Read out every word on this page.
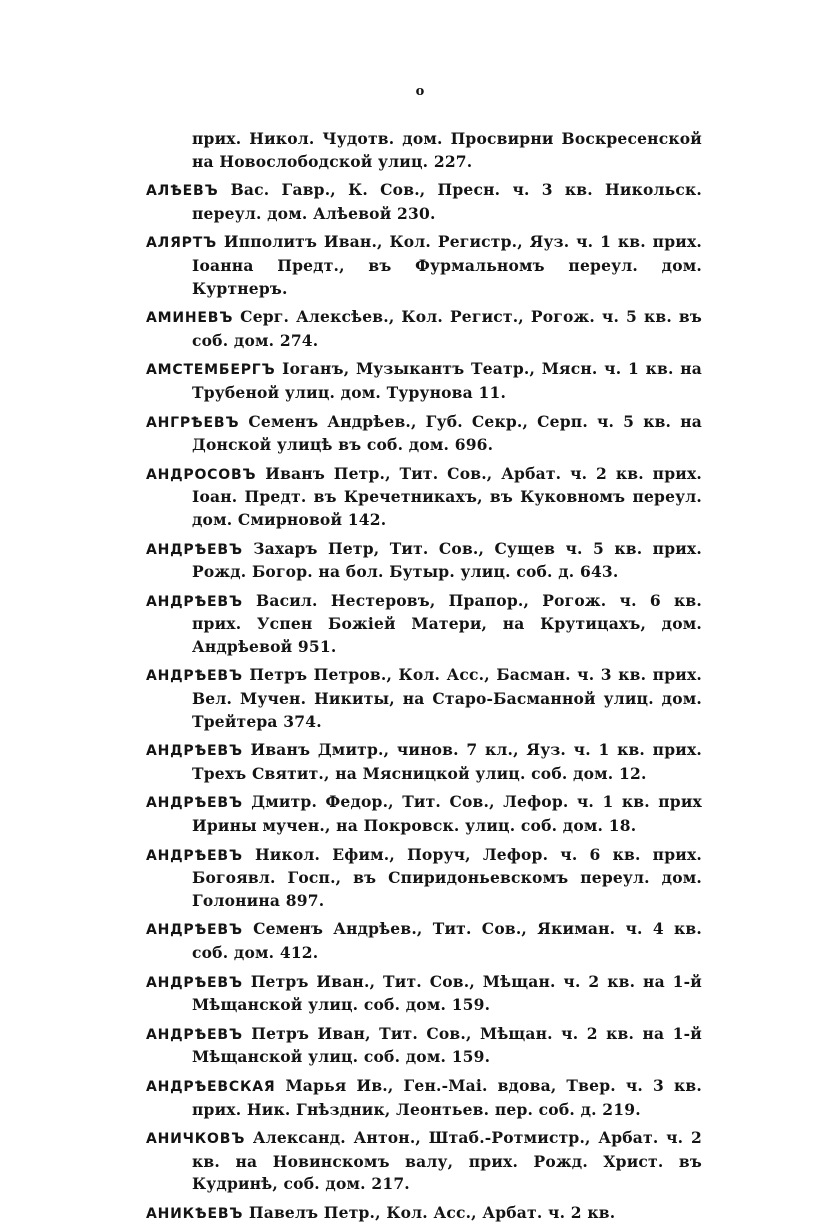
o

прих. Никол. Чудотв. дом. Просвирни Воскресенской на Новослободской улиц. 227.

АЛѢЕВЪ Вас. Гавр., К. Сов., Пресн. ч. 3 кв. Никольск. переул. дом. Алѣевой 230.

АЛЯРТЪ Ипполитъ Иван., Кол. Регистр., Яуз. ч. 1 кв. прих. Іоанна Предт., въ Фурмальномъ переул. дом. Куртнеръ.

АМИНЕВЪ Серг. Алексѣев., Кол. Регист., Рогож. ч. 5 кв. въ соб. дом. 274.

АМСТЕМБЕРГЪ Іоганъ, Музыкантъ Театр., Мясн. ч. 1 кв. на Трубеной улиц. дом. Турунова 11.

АНГРѢЕВЪ Семенъ Андрѣев., Губ. Секр., Серп. ч. 5 кв. на Донской улицѣ въ соб. дом. 696.

АНДРОСОВЪ Иванъ Петр., Тит. Сов., Арбат. ч. 2 кв. прих. Іоан. Предт. въ Кречетникахъ, въ Куковномъ переул. дом. Смирновой 142.

АНДРѢЕВЪ Захаръ Петр, Тит. Сов., Сущев ч. 5 кв. прих. Рожд. Богор. на бол. Бутыр. улиц. соб. д. 643.

АНДРѢЕВЪ Васил. Нестеровъ, Прапор., Рогож. ч. 6 кв. прих. Успен Божіей Матери, на Крутицахъ, дом. Андрѣевой 951.

АНДРѢЕВЪ Петръ Петров., Кол. Асс., Басман. ч. 3 кв. прих. Вел. Мучен. Никиты, на Старо-Басманной улиц. дом. Трейтера 374.

АНДРѢЕВЪ Иванъ Дмитр., чинов. 7 кл., Яуз. ч. 1 кв. прих. Трехъ Святит., на Мясницкой улиц. соб. дом. 12.

АНДРѢЕВЪ Дмитр. Федор., Тит. Сов., Лефор. ч. 1 кв. прих Ирины мучен., на Покровск. улиц. соб. дом. 18.

АНДРѢЕВЪ Никол. Ефим., Поруч, Лефор. ч. 6 кв. прих. Богоявл. Госп., въ Спиридоньевскомъ переул. дом. Голонина 897.

АНДРѢЕВЪ Семенъ Андрѣев., Тит. Сов., Якиман. ч. 4 кв. соб. дом. 412.

АНДРѢЕВЪ Петръ Иван., Тит. Сов., Мѣщан. ч. 2 кв. на 1-й Мѣщанской улиц. соб. дом. 159.

АНДРѢЕВЪ Петръ Иван, Тит. Сов., Мѣщан. ч. 2 кв. на 1-й Мѣщанской улиц. соб. дом. 159.

АНДРѢЕВСКАЯ Марья Ив., Ген.-Маі. вдова, Твер. ч. 3 кв. прих. Ник. Гнѣздник, Леонтьев. пер. соб. д. 219.

АНИЧКОВЪ Александ. Антон., Штаб.-Ротмистр., Арбат. ч. 2 кв. на Новинскомъ валу, прих. Рожд. Христ. въ Кудринѣ, соб. дом. 217.

АНИКѢЕВЪ Павелъ Петр., Кол. Асс., Арбат. ч. 2 кв.
